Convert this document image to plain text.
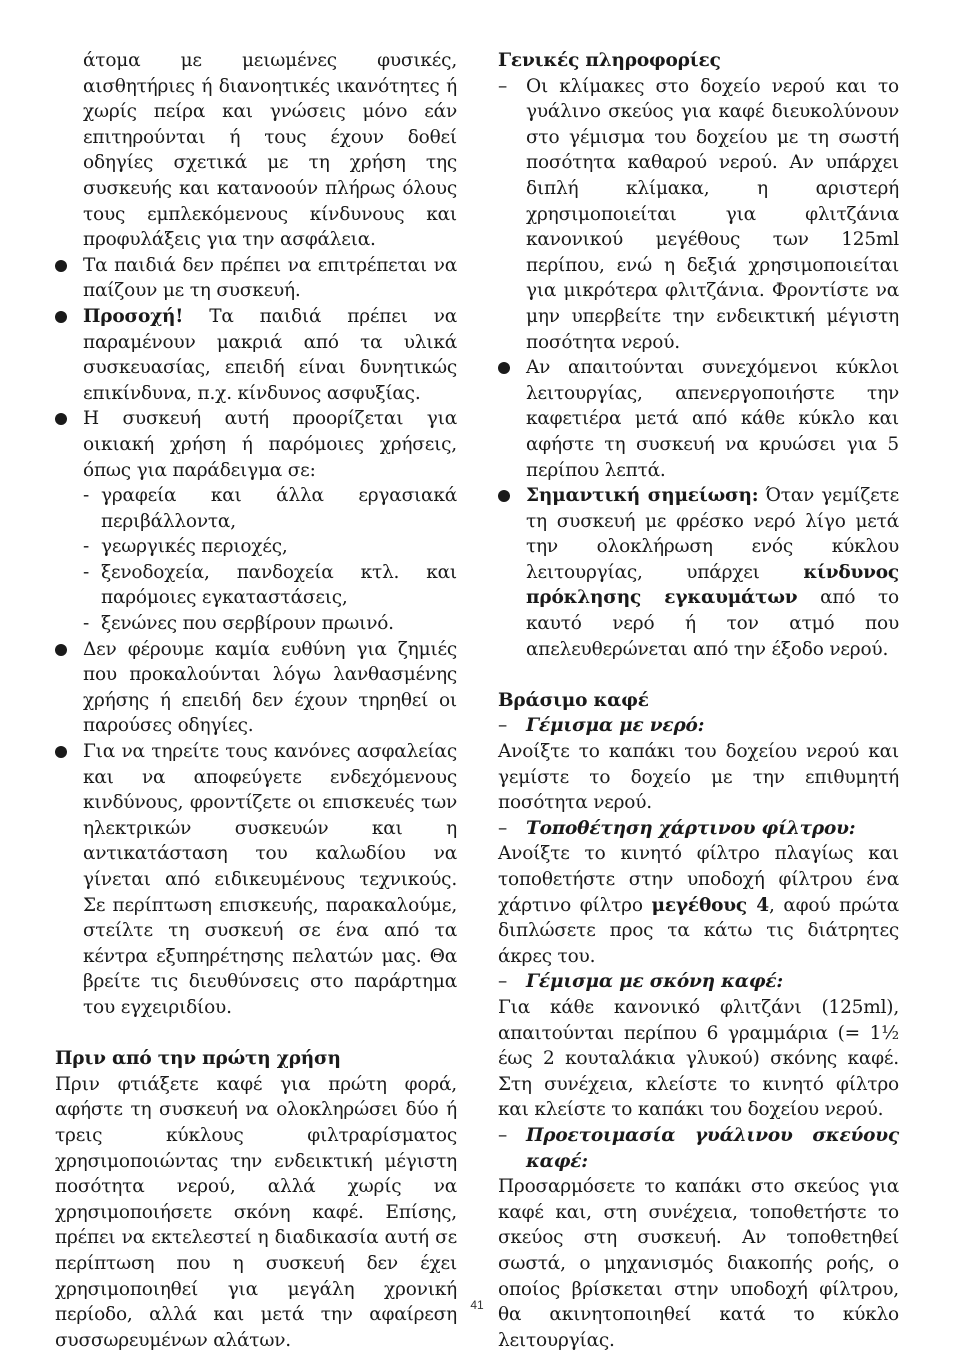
άτομα με μειωμένες φυσικές, αισθητήριες ή διανοητικές ικανότητες ή χωρίς πείρα και γνώσεις μόνο εάν επιτηρούνται ή τους έχουν δοθεί οδηγίες σχετικά με τη χρήση της συσκευής και κατανοούν πλήρως όλους τους εμπλεκόμενους κίνδυνους και προφυλάξεις για την ασφάλεια.

Τα παιδιά δεν πρέπει να επιτρέπεται να παίζουν με τη συσκευή.

Προσοχή! Τα παιδιά πρέπει να παραμένουν μακριά από τα υλικά συσκευασίας, επειδή είναι δυνητικώς επικίνδυνα, π.χ. κίνδυνος ασφυξίας.

Η συσκευή αυτή προορίζεται για οικιακή χρήση ή παρόμοιες χρήσεις, όπως για παράδειγμα σε:

- γραφεία και άλλα εργασιακά περιβάλλοντα,

- γεωργικές περιοχές,

- ξενοδοχεία, πανδοχεία κτλ. και παρόμοιες εγκαταστάσεις,

- ξενώνες που σερβίρουν πρωινό.

Δεν φέρουμε καμία ευθύνη για ζημιές που προκαλούνται λόγω λανθασμένης χρήσης ή επειδή δεν έχουν τηρηθεί οι παρούσες οδηγίες.

Για να τηρείτε τους κανόνες ασφαλείας και να αποφεύγετε ενδεχόμενους κινδύνους, φροντίζετε οι επισκευές των ηλεκτρικών συσκευών και η αντικατάσταση του καλωδίου να γίνεται από ειδικευμένους τεχνικούς. Σε περίπτωση επισκευής, παρακαλούμε, στείλτε τη συσκευή σε ένα από τα κέντρα εξυπηρέτησης πελατών μας. Θα βρείτε τις διευθύνσεις στο παράρτημα του εγχειριδίου.

Πριν από την πρώτη χρήση

Πριν φτιάξετε καφέ για πρώτη φορά, αφήστε τη συσκευή να ολοκληρώσει δύο ή τρεις κύκλους φιλτραρίσματος χρησιμοποιώντας την ενδεικτική μέγιστη ποσότητα νερού, αλλά χωρίς να χρησιμοποιήσετε σκόνη καφέ. Επίσης, πρέπει να εκτελεστεί η διαδικασία αυτή σε περίπτωση που η συσκευή δεν έχει χρησιμοποιηθεί για μεγάλη χρονική περίοδο, αλλά και μετά την αφαίρεση συσσωρευμένων αλάτων.

Γενικές πληροφορίες

– Οι κλίμακες στο δοχείο νερού και το γυάλινο σκεύος για καφέ διευκολύνουν στο γέμισμα του δοχείου με τη σωστή ποσότητα καθαρού νερού. Αν υπάρχει διπλή κλίμακα, η αριστερή χρησιμοποιείται για φλιτζάνια κανονικού μεγέθους των 125ml περίπου, ενώ η δεξιά χρησιμοποιείται για μικρότερα φλιτζάνια. Φροντίστε να μην υπερβείτε την ενδεικτική μέγιστη ποσότητα νερού.

Αν απαιτούνται συνεχόμενοι κύκλοι λειτουργίας, απενεργοποιήστε την καφετιέρα μετά από κάθε κύκλο και αφήστε τη συσκευή να κρυώσει για 5 περίπου λεπτά.

Σημαντική σημείωση: Όταν γεμίζετε τη συσκευή με φρέσκο νερό λίγο μετά την ολοκλήρωση ενός κύκλου λειτουργίας, υπάρχει κίνδυνος πρόκλησης εγκαυμάτων από το καυτό νερό ή τον ατμό που απελευθερώνεται από την έξοδο νερού.

Βράσιμο καφέ

– Γέμισμα με νερό:

Ανοίξτε το καπάκι του δοχείου νερού και γεμίστε το δοχείο με την επιθυμητή ποσότητα νερού.

– Τοποθέτηση χάρτινου φίλτρου:

Ανοίξτε το κινητό φίλτρο πλαγίως και τοποθετήστε στην υποδοχή φίλτρου ένα χάρτινο φίλτρο μεγέθους 4, αφού πρώτα διπλώσετε προς τα κάτω τις διάτρητες άκρες του.

– Γέμισμα με σκόνη καφέ:

Για κάθε κανονικό φλιτζάνι (125ml), απαιτούνται περίπου 6 γραμμάρια (= 1½ έως 2 κουταλάκια γλυκού) σκόνης καφέ. Στη συνέχεια, κλείστε το κινητό φίλτρο και κλείστε το καπάκι του δοχείου νερού.

– Προετοιμασία γυάλινου σκεύους καφέ:

Προσαρμόσετε το καπάκι στο σκεύος για καφέ και, στη συνέχεια, τοποθετήστε το σκεύος στη συσκευή. Αν τοποθετηθεί σωστά, ο μηχανισμός διακοπής ροής, ο οποίος βρίσκεται στην υποδοχή φίλτρου, θα ακινητοποιηθεί κατά το κύκλο λειτουργίας.

41
